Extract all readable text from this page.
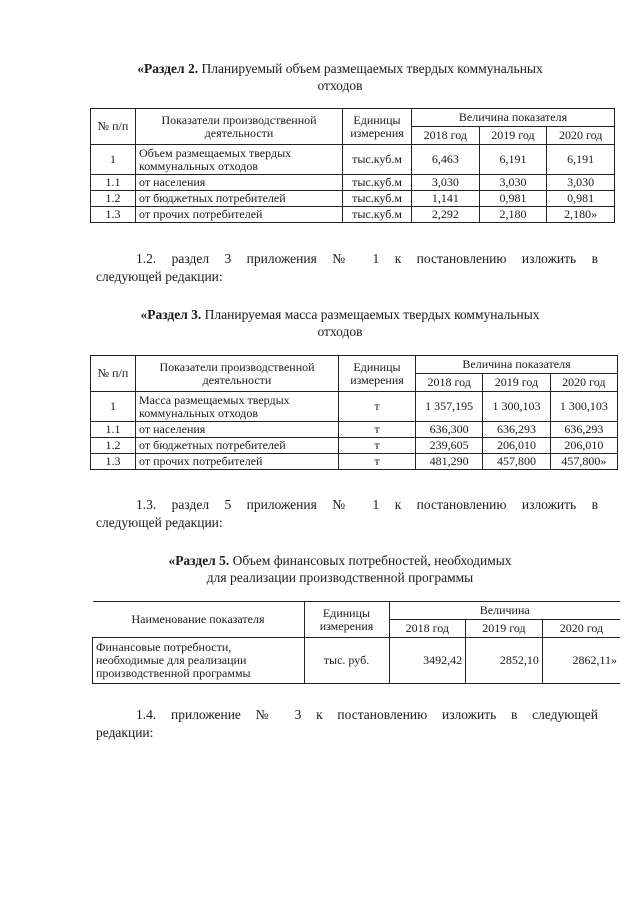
«Раздел 2. Планируемый объем размещаемых твердых коммунальных
отходов
№ п/п	Показатели производственной деятельности	Единицы измерения	Величина показателя		
			2018 год	2019 год	2020 год
1	Объем размещаемых твердых коммунальных отходов	тыс.куб.м	6,463	6,191	6,191
1.1	от населения	тыс.куб.м	3,030	3,030	3,030
1.2	от бюджетных потребителей	тыс.куб.м	1,141	0,981	0,981
1.3	от прочих потребителей	тыс.куб.м	2,292	2,180	2,180»
1.2. раздел 3 приложения № 1 к постановлению изложить в
следующей редакции:
«Раздел 3. Планируемая масса размещаемых твердых коммунальных
отходов
№ п/п	Показатели производственной деятельности	Единицы измерения	Величина показателя		
			2018 год	2019 год	2020 год
1	Масса размещаемых твердых коммунальных отходов	т	1 357,195	1 300,103	1 300,103
1.1	от населения	т	636,300	636,293	636,293
1.2	от бюджетных потребителей	т	239,605	206,010	206,010
1.3	от прочих потребителей	т	481,290	457,800	457,800»
1.3. раздел 5 приложения № 1 к постановлению изложить в
следующей редакции:
«Раздел 5. Объем финансовых потребностей, необходимых
для реализации производственной программы
Наименование показателя	Единицы измерения	Величина		
		2018 год	2019 год	2020 год
Финансовые потребности, необходимые для реализации производственной программы	тыс. руб.	3492,42	2852,10	2862,11»
1.4. приложение № 3 к постановлению изложить в следующей
редакции:
